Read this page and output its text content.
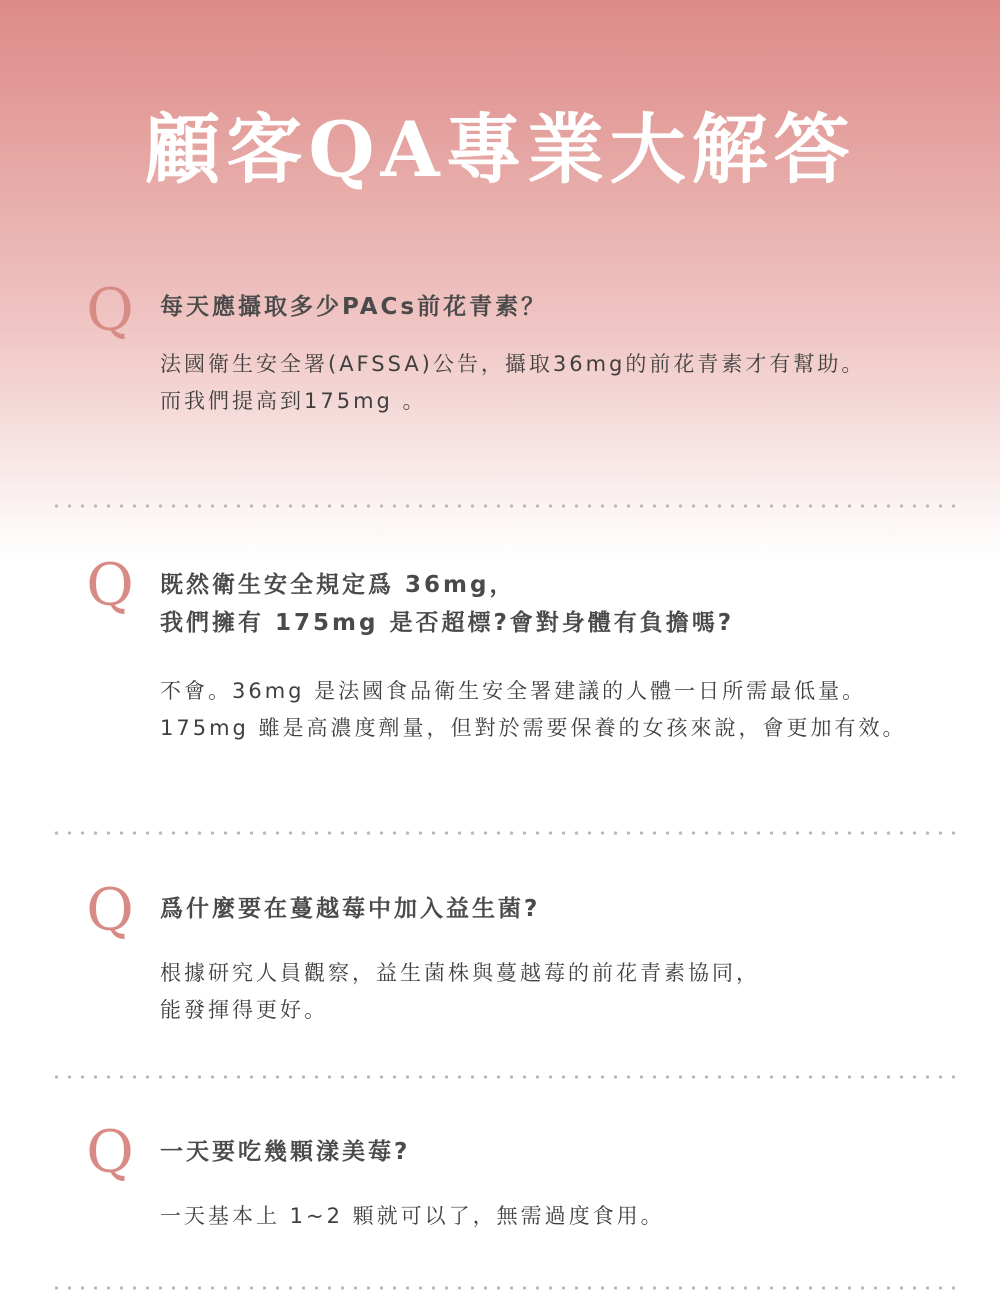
顧客QA專業大解答
Q 每天應攝取多少PACs前花青素？
法國衛生安全署(AFSSA)公告，攝取36mg的前花青素才有幫助。
而我們提高到175mg 。
Q 既然衛生安全規定爲 36mg，
我們擁有 175mg 是否超標?會對身體有負擔嗎?
不會。36mg 是法國食品衛生安全署建議的人體一日所需最低量。
175mg 雖是高濃度劑量，但對於需要保養的女孩來說，會更加有效。
Q 爲什麼要在蔓越莓中加入益生菌?
根據研究人員觀察，益生菌株與蔓越莓的前花青素協同，
能發揮得更好。
Q 一天要吃幾顆漾美莓?
一天基本上 1~2 顆就可以了，無需過度食用。
